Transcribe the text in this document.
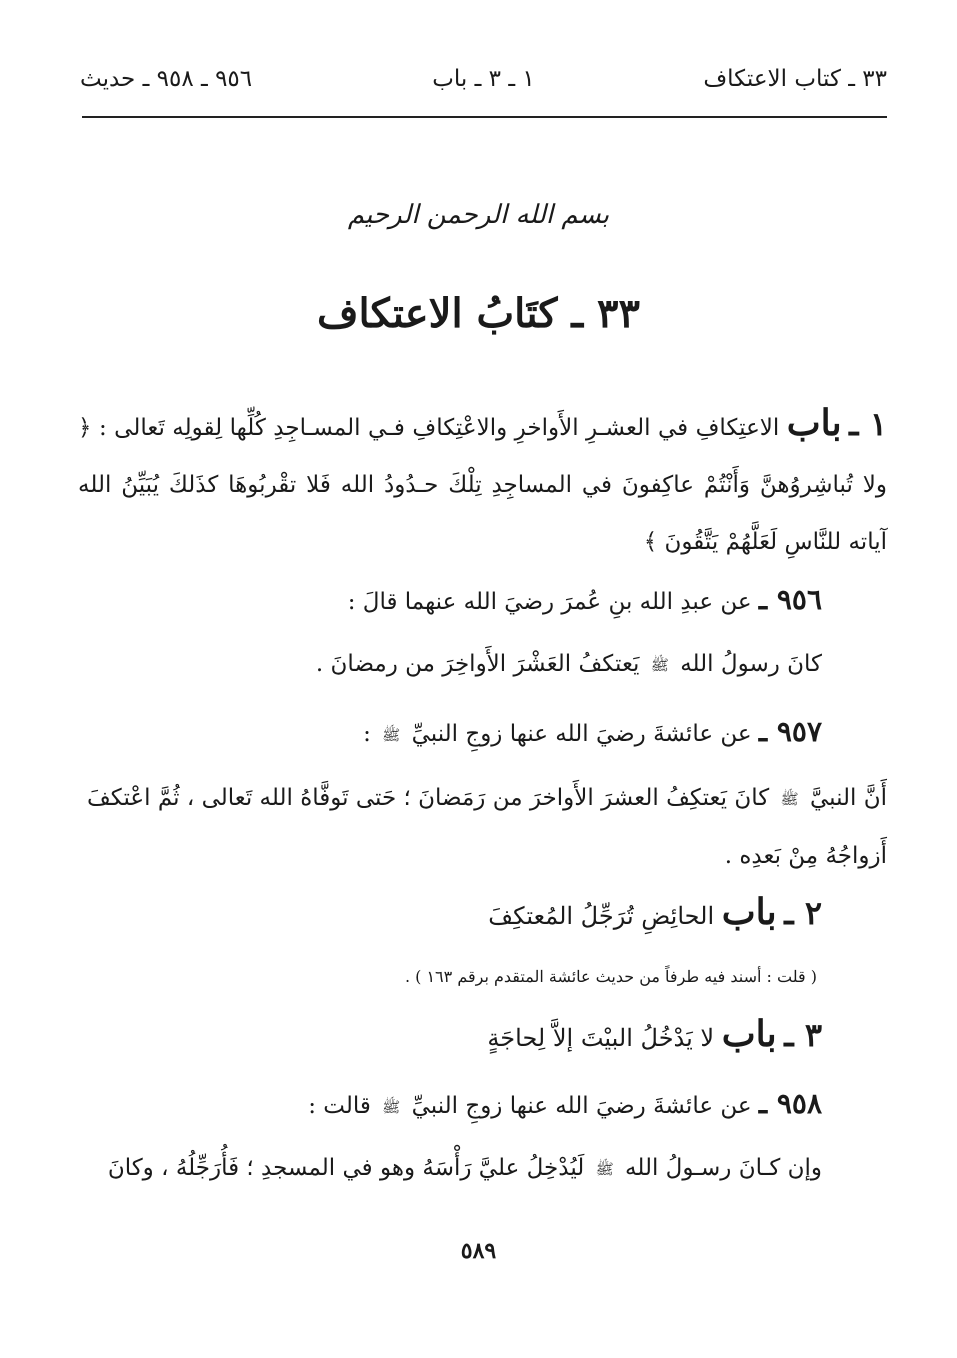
٣٣ ـ كتاب الاعتكاف
١ ـ ٣ ـ باب
٩٥٦ ـ ٩٥٨ ـ حديث
بسم الله الرحمن الرحيم
٣٣ ـ كتَابُ الاعتكاف
١ ـ باب الاعتِكافِ في العشـرِ الأَواخرِ والاعْتِكافِ فـي المسـاجِدِ كُلِّها لِقولِه تَعالى : ﴿ ولا تُباشِروُهنَّ وَأَنْتُمْ عاكِفونَ في المساجِدِ تِلْكَ حـدُودُ الله فَلا تقْربُوهَا كذَلكَ يُبَيِّنُ الله آياته للنَّاسِ لَعَلَّهُمْ يَتَّقُونَ ﴾
٩٥٦ ـ عن عبدِ الله بنِ عُمرَ رضيَ الله عنهما قالَ :
كانَ رسولُ الله ﷺ يَعتكفُ العَشْرَ الأَواخِرَ من رمضانَ .
٩٥٧ ـ عن عائشةَ رضيَ الله عنها زوجِ النبيِّ ﷺ :
أَنَّ النبيَّ ﷺ كانَ يَعتكِفُ العشرَ الأَواخرَ من رَمَضانَ ؛ حَتى تَوفَّاهُ الله تَعالى ، ثُمَّ اعْتكفَ أَزواجُهُ مِنْ بَعدِه .
٢ ـ باب الحائِضِ تُرَجِّلُ المُعتكِفَ
( قلت : أسند فيه طرفاً من حديث عائشة المتقدم برقم ١٦٣ ) .
٣ ـ باب لا يَدْخُلُ البيْتَ إلاَّ لِحاجَةٍ
٩٥٨ ـ عن عائشةَ رضيَ الله عنها زوجِ النبيِّ ﷺ قالت :
وإن كـانَ رسـولُ الله ﷺ لَيُدْخِلُ عليَّ رَأْسَهُ وهو في المسجدِ ؛ فَأُرَجِّلُهُ ، وكانَ
٥٨٩
